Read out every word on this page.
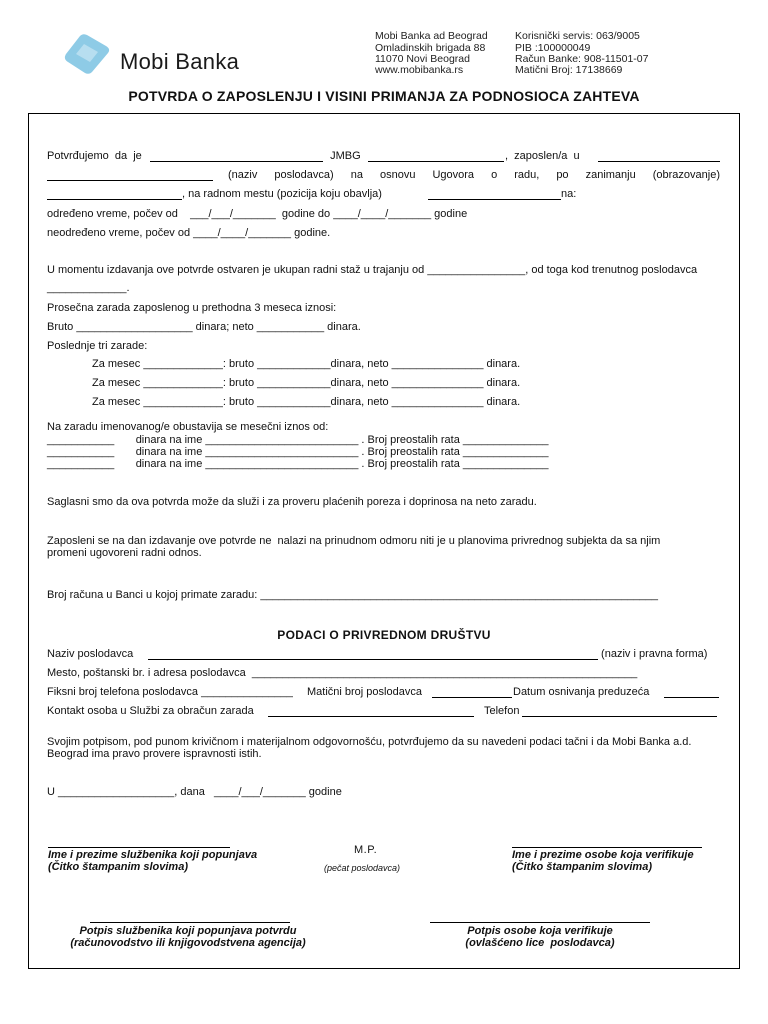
Mobi Banka
Mobi Banka ad Beograd
Omladinskih brigada 88
11070 Novi Beograd
www.mobibanka.rs
Korisnički servis: 063/9005
PIB :100000049
Račun Banke: 908-11501-07
Matični Broj: 17138669
POTVRDA O ZAPOSLENJU I VISINI PRIMANJA ZA PODNOSIOCA ZAHTEVA
Potvrđujemo  da  je	JMBG	,  zaposlen/a  u
(naziv poslodavca) na osnovu Ugovora o radu, po zanimanju (obrazovanje)
, na radnom mestu (pozicija koju obavlja)	na:
određeno vreme, počev od    ___/___/_______  godine do ____/____/_______ godine
neodređeno vreme, počev od ____/____/_______ godine.
U momentu izdavanja ove potvrde ostvaren je ukupan radni staž u trajanju od ________________, od toga kod trenutnog poslodavca
_____________.
Prosečna zarada zaposlenog u prethodna 3 meseca iznosi:
Bruto ___________________ dinara; neto ___________ dinara.
Poslednje tri zarade:
Za mesec _____________: bruto ____________dinara, neto _______________ dinara.
Za mesec _____________: bruto ____________dinara, neto _______________ dinara.
Za mesec _____________: bruto ____________dinara, neto _______________ dinara.
Na zaradu imenovanog/e obustavija se mesečni iznos od:
___________       dinara na ime _________________________ . Broj preostalih rata ______________
___________       dinara na ime _________________________ . Broj preostalih rata ______________
___________       dinara na ime _________________________ . Broj preostalih rata ______________
Saglasni smo da ova potvrda može da služi i za proveru plaćenih poreza i doprinosa na neto zaradu.
Zaposleni se na dan izdavanje ove potvrde ne  nalazi na prinudnom odmoru niti je u planovima privrednog subjekta da sa njim
promeni ugovoreni radni odnos.
Broj računa u Banci u kojoj primate zaradu: _________________________________________________________________
PODACI O PRIVREDNOM DRUŠTVU
Naziv poslodavca	(naziv i pravna forma)
Mesto, poštanski br. i adresa poslodavca  _______________________________________________________________
Fiksni broj telefona poslodavca _______________ Matični broj poslodavca	Datum osnivanja preduzeća
Kontakt osoba u Službi za obračun zarada	Telefon
Svojim potpisom, pod punom krivičnom i materijalnom odgovornošću, potvrđujemo da su navedeni podaci tačni i da Mobi Banka a.d.
Beograd ima pravo provere ispravnosti istih.
U ___________________, dana   ____/___/_______ godine
Ime i prezime službenika koji popunjava
(Čitko štampanim slovima)
M.P.
(pečat poslodavca)
Ime i prezime osobe koja verifikuje
(Čitko štampanim slovima)
Potpis službenika koji popunjava potvrdu
(računovodstvo ili knjigovodstvena agencija)
Potpis osobe koja verifikuje
(ovlašćeno lice  poslodavca)
